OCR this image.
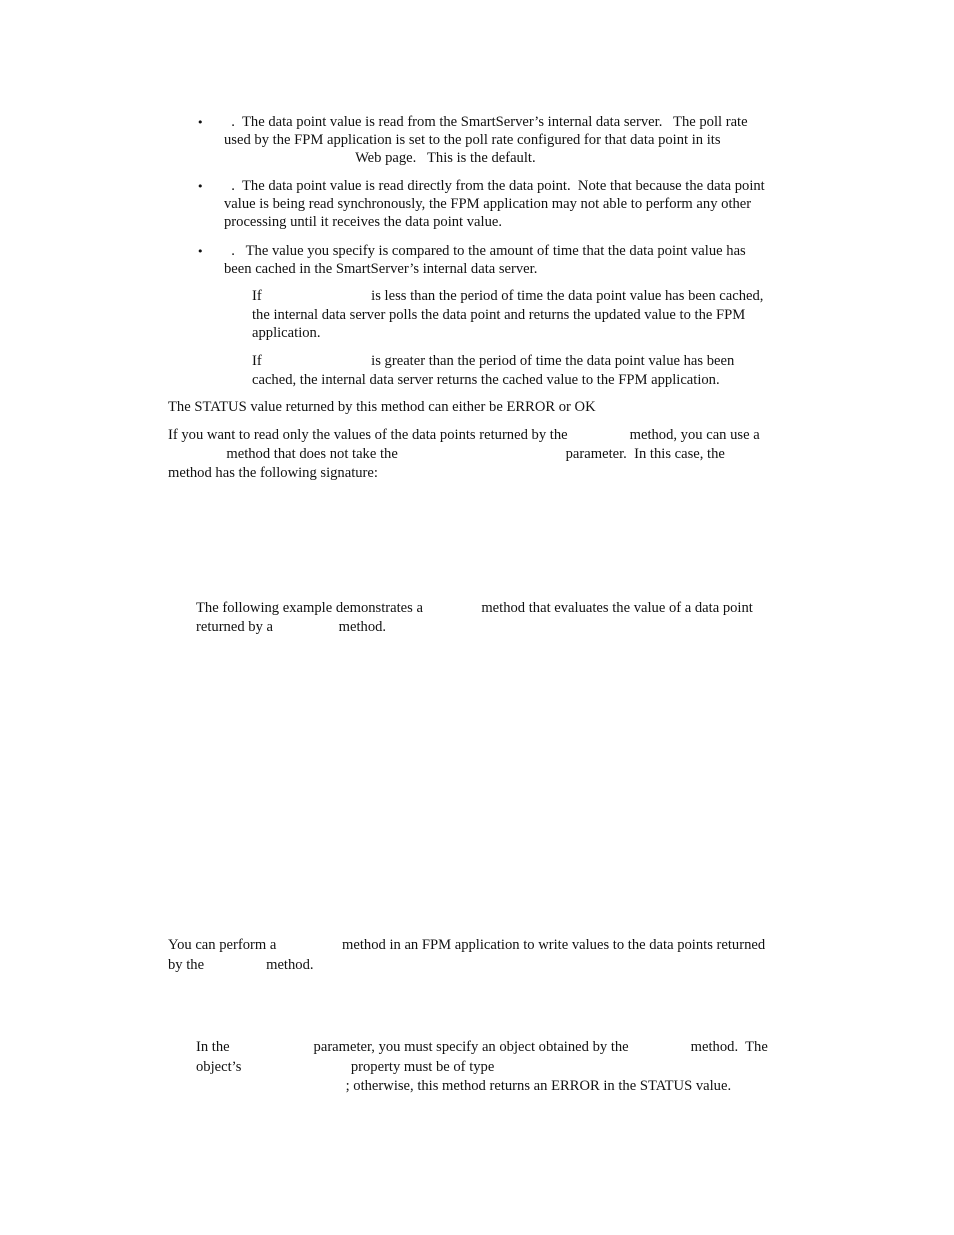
• .  The data point value is read from the SmartServer’s internal data server.   The poll rate

used by the FPM application is set to the poll rate configured for that data point in its

Web page.   This is the default.

• .  The data point value is read directly from the data point.  Note that because the data point

value is being read synchronously, the FPM application may not able to perform any other

processing until it receives the data point value.

• .   The value you specify is compared to the amount of time that the data point value has

been cached in the SmartServer’s internal data server.

If                              is less than the period of time the data point value has been cached,

the internal data server polls the data point and returns the updated value to the FPM

application.

If                              is greater than the period of time the data point value has been

cached, the internal data server returns the cached value to the FPM application.

The STATUS value returned by this method can either be ERROR or OK

If you want to read only the values of the data points returned by the                 method, you can use a

method that does not take the                                              parameter.  In this case, the

method has the following signature:

The following example demonstrates a                method that evaluates the value of a data point

returned by a                  method.

You can perform a                  method in an FPM application to write values to the data points returned

by the                 method.

In the                       parameter, you must specify an object obtained by the                 method.  The

object’s                              property must be of type

; otherwise, this method returns an ERROR in the STATUS value.
